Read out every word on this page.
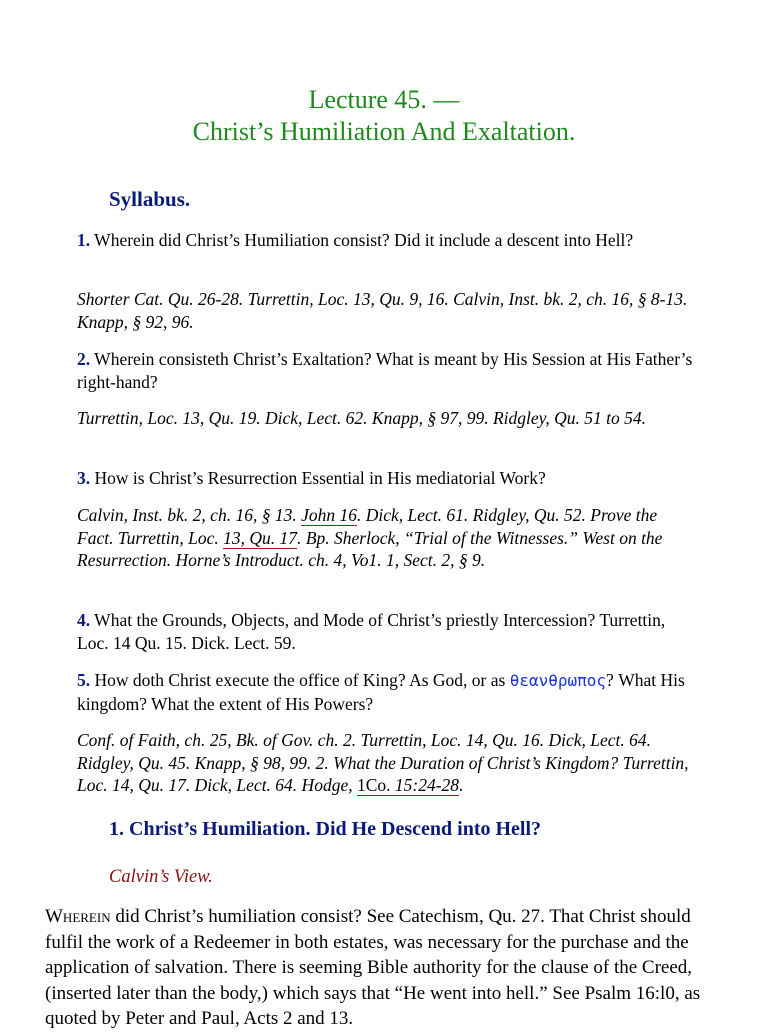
Lecture 45. —
Christ’s Humiliation And Exaltation.
Syllabus.
1. Wherein did Christ’s Humiliation consist? Did it include a descent into Hell?
Shorter Cat. Qu. 26-28. Turrettin, Loc. 13, Qu. 9, 16. Calvin, Inst. bk. 2, ch. 16, § 8-13. Knapp, § 92, 96.
2. Wherein consisteth Christ’s Exaltation? What is meant by His Session at His Father’s right-hand?
Turrettin, Loc. 13, Qu. 19. Dick, Lect. 62. Knapp, § 97, 99. Ridgley, Qu. 51 to 54.
3. How is Christ’s Resurrection Essential in His mediatorial Work?
Calvin, Inst. bk. 2, ch. 16, § 13. John 16. Dick, Lect. 61. Ridgley, Qu. 52. Prove the Fact. Turrettin, Loc. 13, Qu. 17. Bp. Sherlock, “Trial of the Witnesses.” West on the Resurrection. Horne’s Introduct. ch. 4, Vo1. 1, Sect. 2, § 9.
4. What the Grounds, Objects, and Mode of Christ’s priestly Intercession? Turrettin, Loc. 14 Qu. 15. Dick. Lect. 59.
5. How doth Christ execute the office of King? As God, or as θεανθρωπος? What His kingdom? What the extent of His Powers?
Conf. of Faith, ch. 25, Bk. of Gov. ch. 2. Turrettin, Loc. 14, Qu. 16. Dick, Lect. 64. Ridgley, Qu. 45. Knapp, § 98, 99. 2. What the Duration of Christ’s Kingdom? Turrettin, Loc. 14, Qu. 17. Dick, Lect. 64. Hodge, 1Co. 15:24-28.
1. Christ’s Humiliation. Did He Descend into Hell?
Calvin’s View.
Wherein did Christ’s humiliation consist? See Catechism, Qu. 27. That Christ should fulfil the work of a Redeemer in both estates, was necessary for the purchase and the application of salvation. There is seeming Bible authority for the clause of the Creed, (inserted later than the body,) which says that “He went into hell.” See Psalm 16:l0, as quoted by Peter and Paul, Acts 2 and 13.
